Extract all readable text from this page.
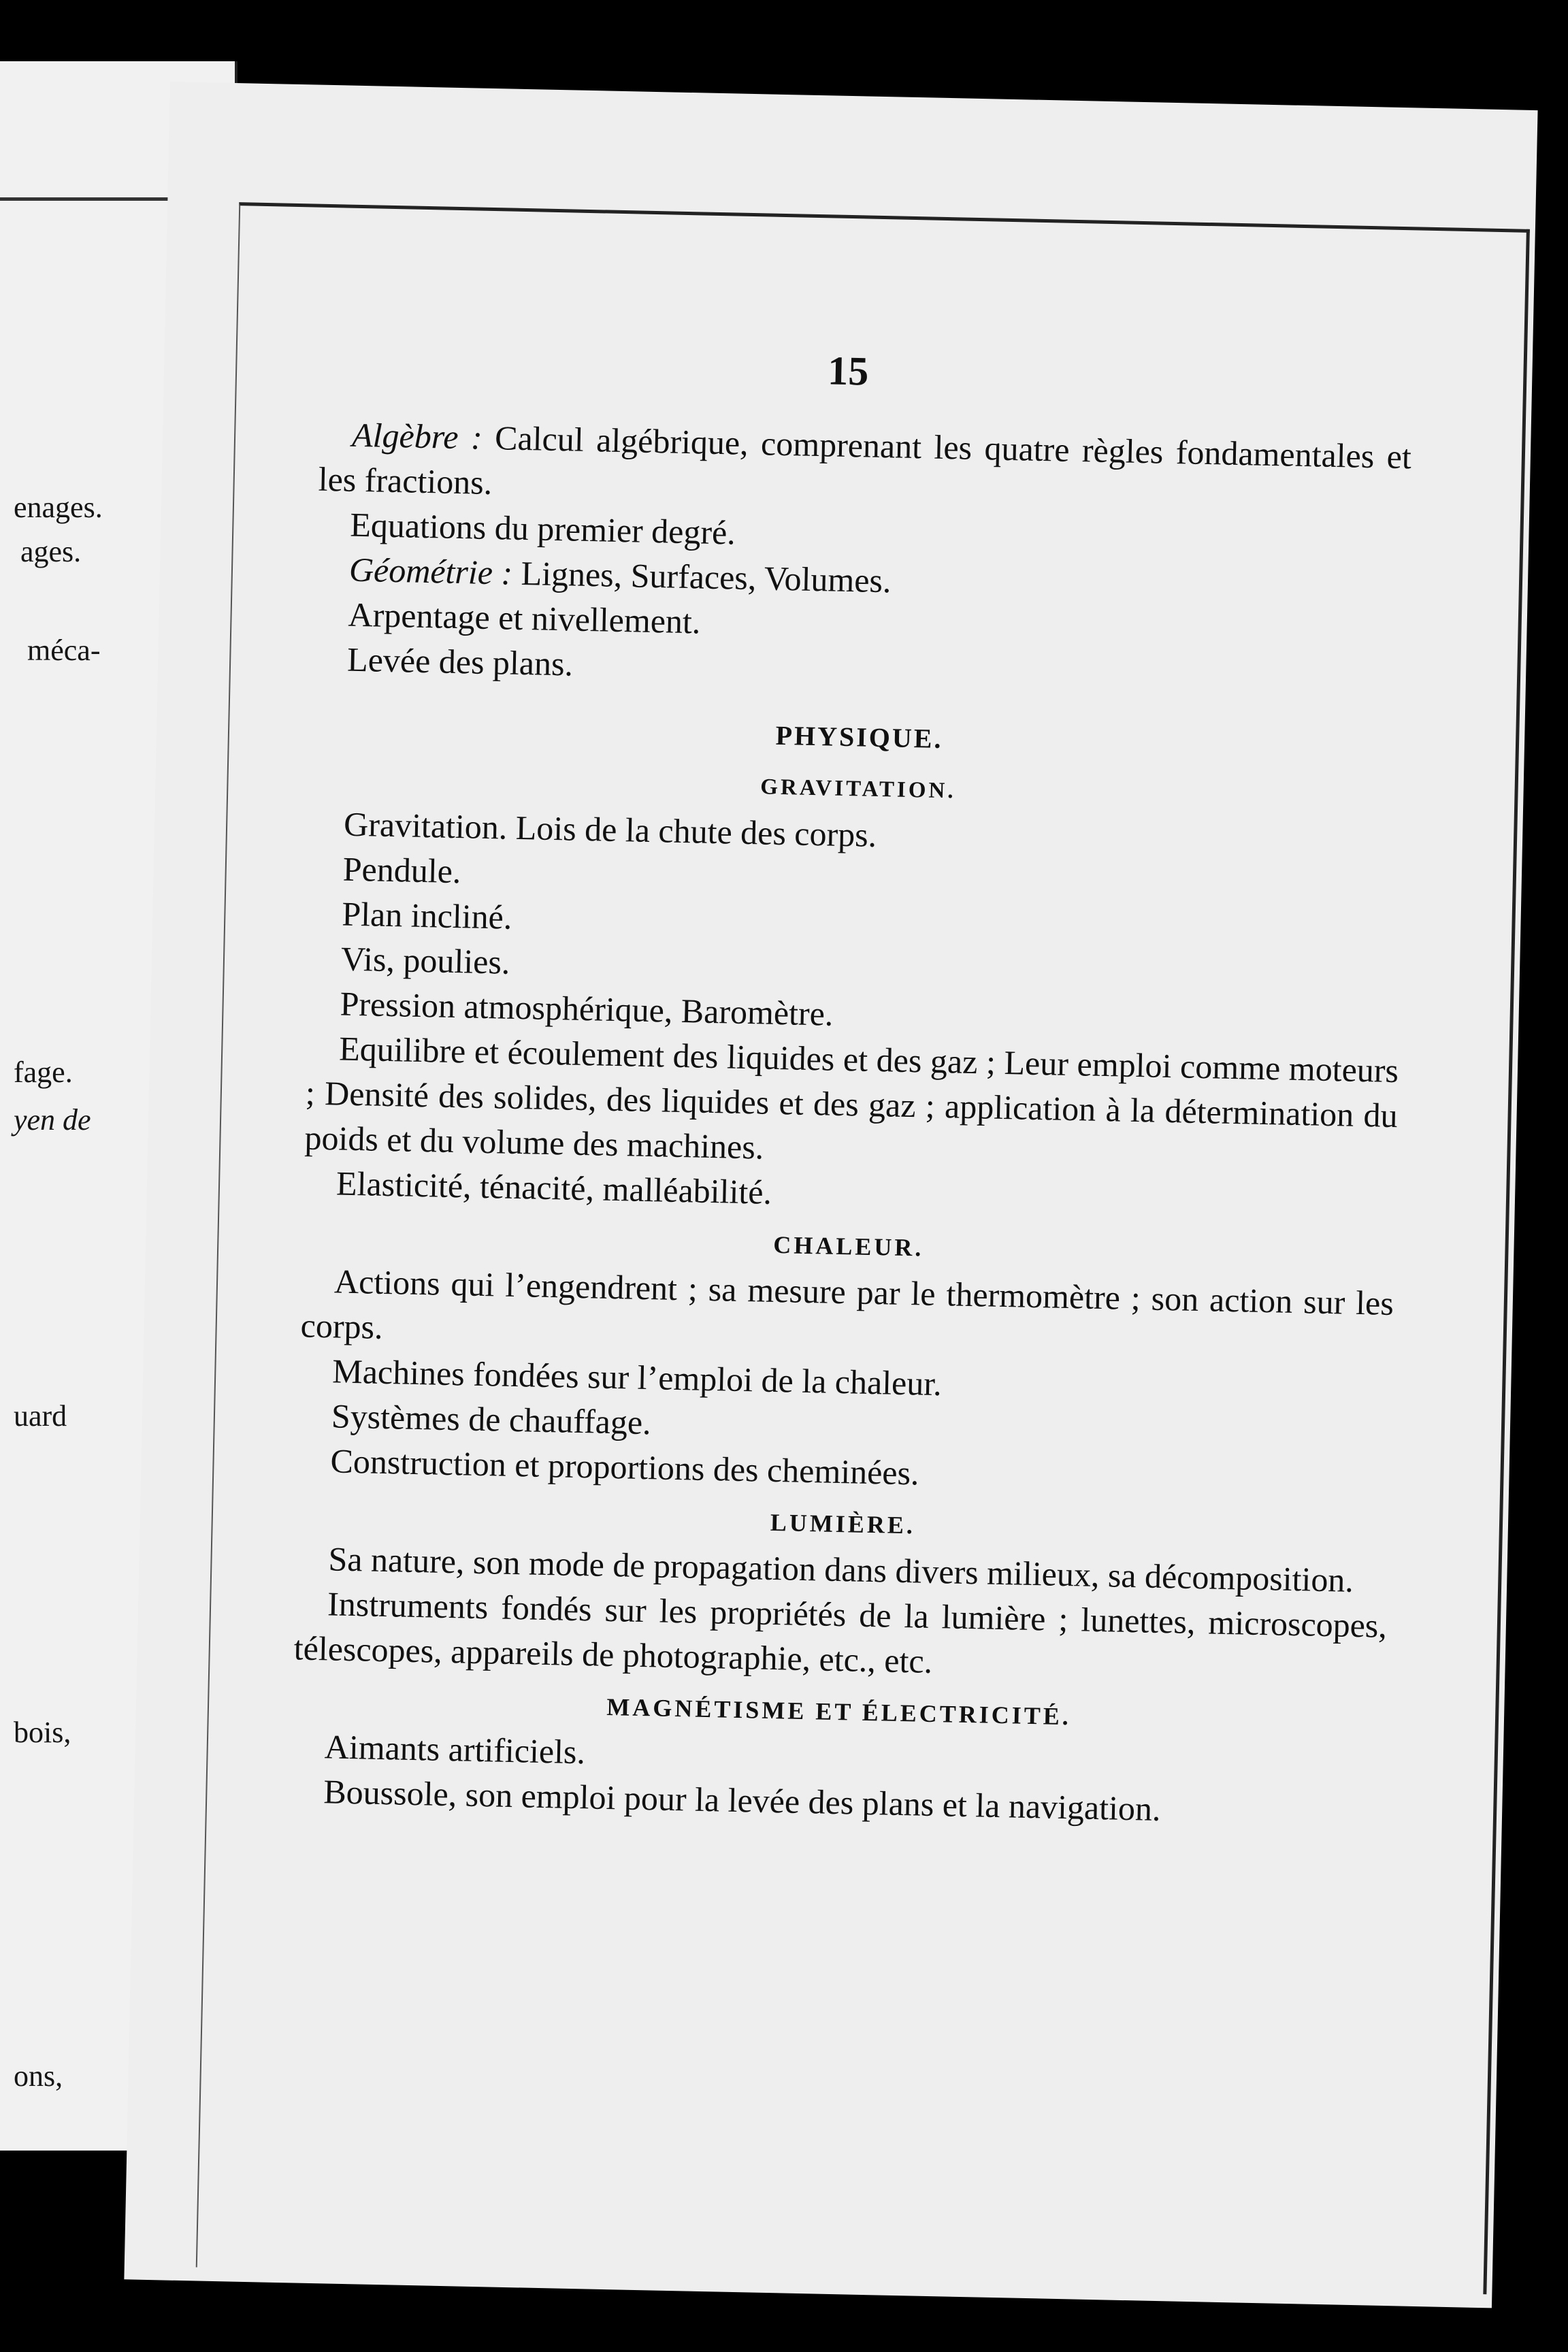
enages.
ages.
méca-
fage.
yen de
uard
bois,
ons,
15

Algèbre : Calcul algébrique, comprenant les quatre règles fondamentales et les fractions.

Equations du premier degré.

Géométrie : Lignes, Surfaces, Volumes.

Arpentage et nivellement.

Levée des plans.

PHYSIQUE.
GRAVITATION.

Gravitation. Lois de la chute des corps.

Pendule.

Plan incliné.

Vis, poulies.

Pression atmosphérique, Baromètre.

Equilibre et écoulement des liquides et des gaz ; Leur emploi comme moteurs ; Densité des solides, des liquides et des gaz ; application à la détermination du poids et du volume des machines.

Elasticité, ténacité, malléabilité.

CHALEUR.

Actions qui l’engendrent ; sa mesure par le thermomètre ; son action sur les corps.

Machines fondées sur l’emploi de la chaleur.

Systèmes de chauffage.

Construction et proportions des cheminées.

LUMIÈRE.

Sa nature, son mode de propagation dans divers milieux, sa décomposition.

Instruments fondés sur les propriétés de la lumière ; lunettes, microscopes, télescopes, appareils de photographie, etc., etc.

MAGNÉTISME ET ÉLECTRICITÉ.

Aimants artificiels.

Boussole, son emploi pour la levée des plans et la navigation.
